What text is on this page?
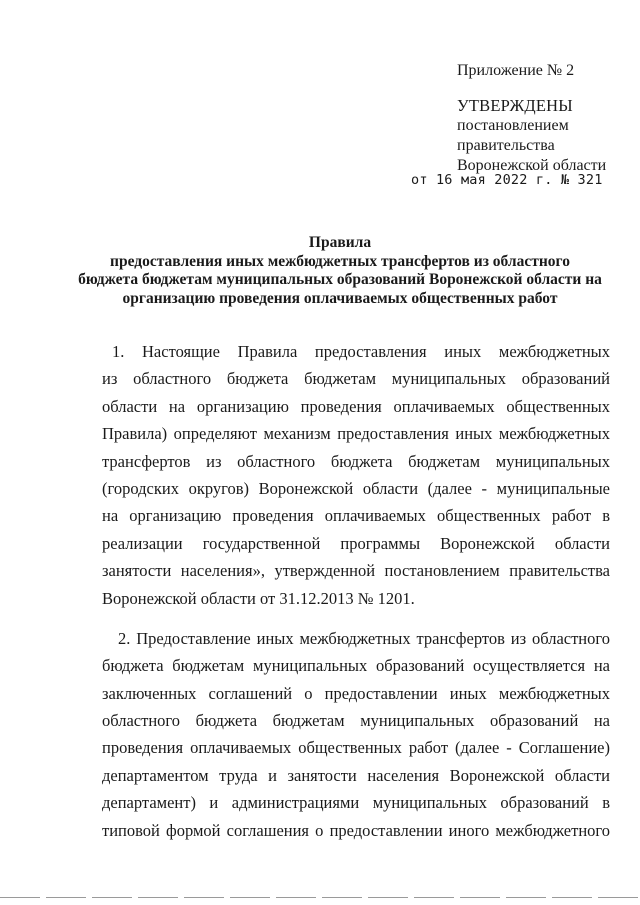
Приложение № 2
УТВЕРЖДЕНЫ
постановлением
правительства
Воронежской области
от 16 мая 2022 г. № 321
Правила
предоставления иных межбюджетных трансфертов из областного
бюджета бюджетам муниципальных образований Воронежской области на
организацию проведения оплачиваемых общественных работ
1. Настоящие Правила предоставления иных межбюджетных
из областного бюджета бюджетам муниципальных образований
области на организацию проведения оплачиваемых общественных
Правила) определяют механизм предоставления иных межбюджетных
трансфертов из областного бюджета бюджетам муниципальных
(городских округов) Воронежской области (далее - муниципальные
на организацию проведения оплачиваемых общественных работ в
реализации государственной программы Воронежской области
занятости населения», утвержденной постановлением правительства
Воронежской области от 31.12.2013 № 1201.
2. Предоставление иных межбюджетных трансфертов из областного
бюджета бюджетам муниципальных образований осуществляется на
заключенных соглашений о предоставлении иных межбюджетных
областного бюджета бюджетам муниципальных образований на
проведения оплачиваемых общественных работ (далее - Соглашение)
департаментом труда и занятости населения Воронежской области
департамент) и администрациями муниципальных образований в
типовой формой соглашения о предоставлении иного межбюджетного
